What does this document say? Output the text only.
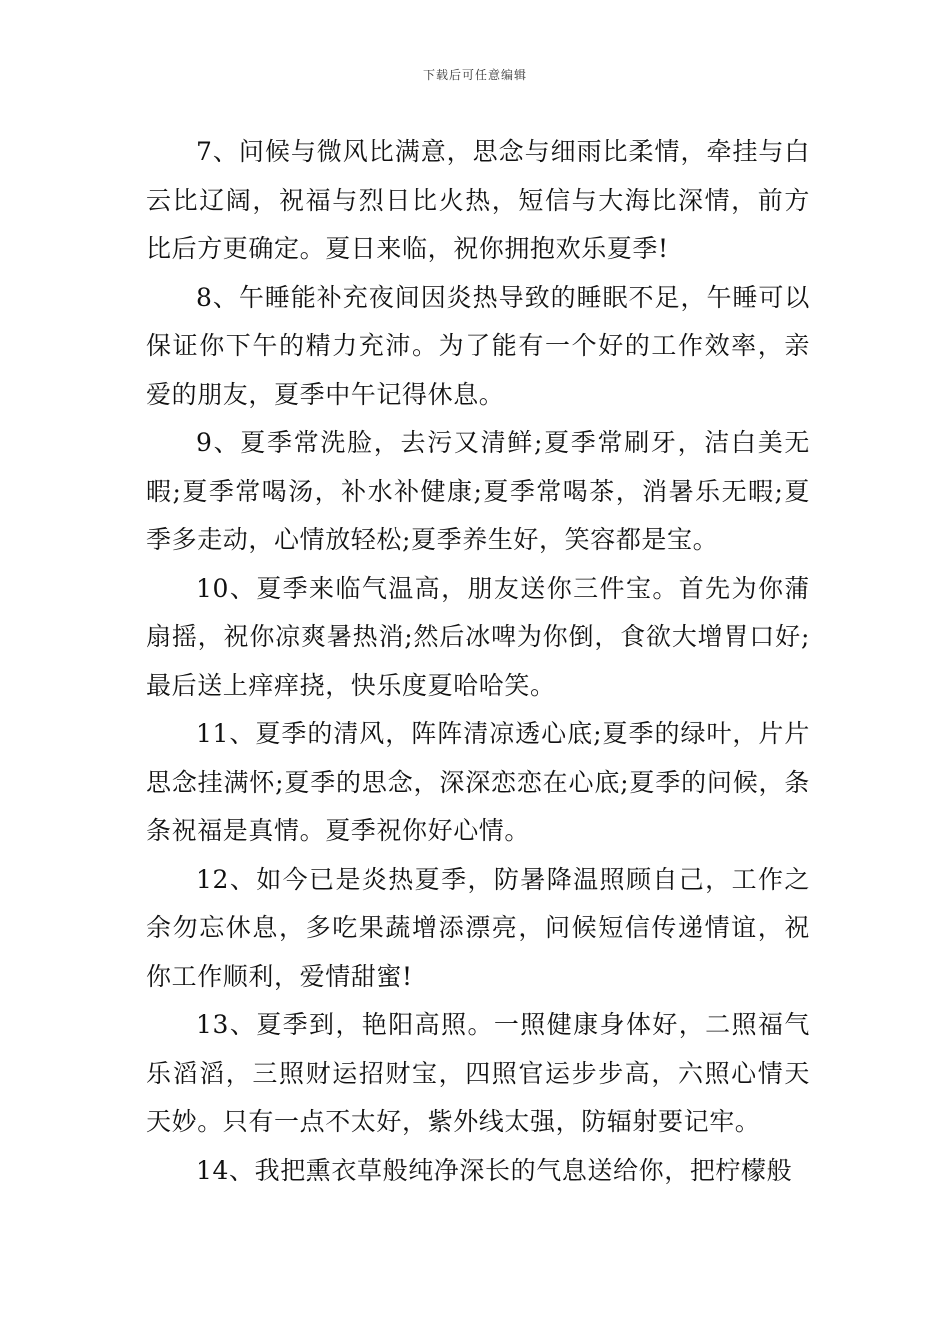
下载后可任意编辑

7、问候与微风比满意，思念与细雨比柔情，牵挂与白云比辽阔，祝福与烈日比火热，短信与大海比深情，前方比后方更确定。夏日来临，祝你拥抱欢乐夏季!

8、午睡能补充夜间因炎热导致的睡眠不足，午睡可以保证你下午的精力充沛。为了能有一个好的工作效率，亲爱的朋友，夏季中午记得休息。

9、夏季常洗脸，去污又清鲜;夏季常刷牙，洁白美无暇;夏季常喝汤，补水补健康;夏季常喝茶，消暑乐无暇;夏季多走动，心情放轻松;夏季养生好，笑容都是宝。

10、夏季来临气温高，朋友送你三件宝。首先为你蒲扇摇，祝你凉爽暑热消;然后冰啤为你倒，食欲大增胃口好;最后送上痒痒挠，快乐度夏哈哈笑。

11、夏季的清风，阵阵清凉透心底;夏季的绿叶，片片思念挂满怀;夏季的思念，深深恋恋在心底;夏季的问候，条条祝福是真情。夏季祝你好心情。

12、如今已是炎热夏季，防暑降温照顾自己，工作之余勿忘休息，多吃果蔬增添漂亮，问候短信传递情谊，祝你工作顺利，爱情甜蜜!

13、夏季到，艳阳高照。一照健康身体好，二照福气乐滔滔，三照财运招财宝，四照官运步步高，六照心情天天妙。只有一点不太好，紫外线太强，防辐射要记牢。

14、我把熏衣草般纯净深长的气息送给你，把柠檬般
